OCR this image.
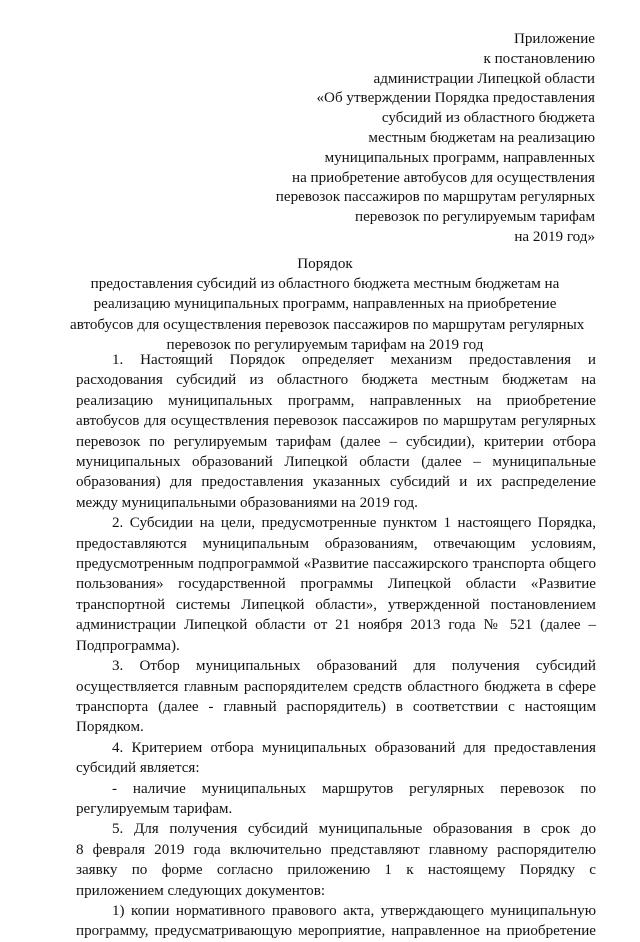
Приложение
к постановлению
администрации Липецкой области
«Об утверждении Порядка предоставления
субсидий из областного бюджета
местным бюджетам на реализацию
муниципальных программ, направленных
на приобретение автобусов для осуществления
перевозок пассажиров по маршрутам регулярных
перевозок по регулируемым тарифам
на 2019 год»
Порядок
предоставления субсидий из областного бюджета местным бюджетам на
реализацию муниципальных программ, направленных на приобретение
автобусов для осуществления перевозок пассажиров по маршрутам регулярных
перевозок по регулируемым тарифам на 2019 год
1. Настоящий Порядок определяет механизм предоставления и
расходования субсидий из областного бюджета местным бюджетам на
реализацию муниципальных программ, направленных на приобретение
автобусов для осуществления перевозок пассажиров по маршрутам регулярных
перевозок по регулируемым тарифам (далее – субсидии), критерии отбора
муниципальных образований Липецкой области (далее – муниципальные
образования) для предоставления указанных субсидий и их распределение
между муниципальными образованиями на 2019 год.
2. Субсидии на цели, предусмотренные пунктом 1 настоящего Порядка,
предоставляются муниципальным образованиям, отвечающим условиям,
предусмотренным подпрограммой «Развитие пассажирского транспорта общего
пользования» государственной программы Липецкой области «Развитие
транспортной системы Липецкой области», утвержденной постановлением
администрации Липецкой области от 21 ноября 2013 года № 521 (далее –
Подпрограмма).
3. Отбор муниципальных образований для получения субсидий
осуществляется главным распорядителем средств областного бюджета в сфере
транспорта (далее - главный распорядитель) в соответствии с настоящим
Порядком.
4. Критерием отбора муниципальных образований для предоставления
субсидий является:
- наличие муниципальных маршрутов регулярных перевозок по
регулируемым тарифам.
5. Для получения субсидий муниципальные образования в срок до
8 февраля 2019 года включительно представляют главному распорядителю
заявку по форме согласно приложению 1 к настоящему Порядку с
приложением следующих документов:
1) копии нормативного правового акта, утверждающего муниципальную
программу, предусматривающую мероприятие, направленное на приобретение
